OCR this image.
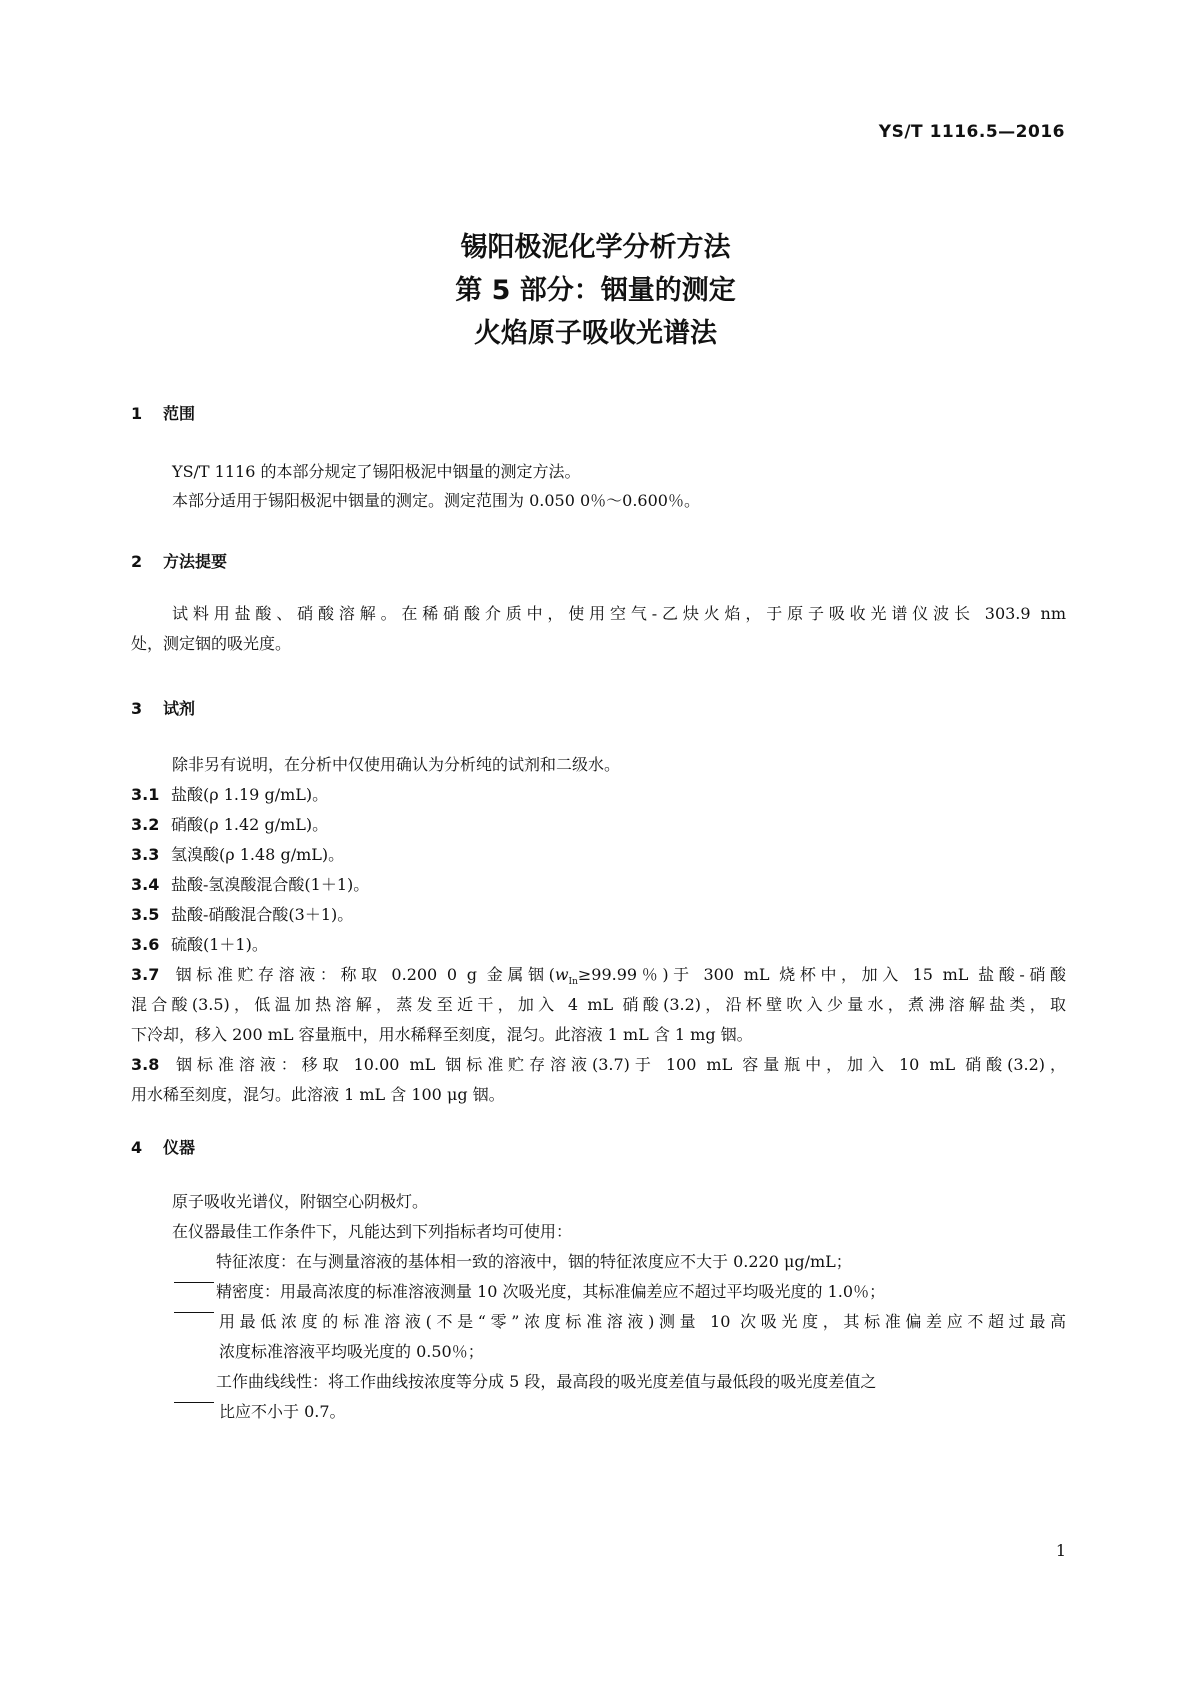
YS/T 1116.5—2016
锡阳极泥化学分析方法
第 5 部分：铟量的测定
火焰原子吸收光谱法
1 范围
YS/T 1116 的本部分规定了锡阳极泥中铟量的测定方法。
本部分适用于锡阳极泥中铟量的测定。测定范围为 0.050 0％～0.600％。
2 方法提要
试料用盐酸、硝酸溶解。在稀硝酸介质中，使用空气-乙炔火焰，于原子吸收光谱仪波长 303.9 nm
处，测定铟的吸光度。
3 试剂
除非另有说明，在分析中仅使用确认为分析纯的试剂和二级水。
3.1 盐酸(ρ 1.19 g/mL)。
3.2 硝酸(ρ 1.42 g/mL)。
3.3 氢溴酸(ρ 1.48 g/mL)。
3.4 盐酸-氢溴酸混合酸(1＋1)。
3.5 盐酸-硝酸混合酸(3＋1)。
3.6 硫酸(1＋1)。
3.7 铟标准贮存溶液：称取 0.200 0 g 金属铟($w_{In}\ge 99.99$％)于 300 mL 烧杯中，加入 15 mL 盐酸-硝酸
混合酸(3.5)，低温加热溶解，蒸发至近干，加入 4 mL 硝酸(3.2)，沿杯壁吹入少量水，煮沸溶解盐类，取
下冷却，移入 200 mL 容量瓶中，用水稀释至刻度，混匀。此溶液 1 mL 含 1 mg 铟。
3.8 铟标准溶液：移取 10.00 mL 铟标准贮存溶液(3.7)于 100 mL 容量瓶中，加入 10 mL 硝酸(3.2)，
用水稀至刻度，混匀。此溶液 1 mL 含 100 μg 铟。
4 仪器
原子吸收光谱仪，附铟空心阴极灯。
在仪器最佳工作条件下，凡能达到下列指标者均可使用：
特征浓度：在与测量溶液的基体相一致的溶液中，铟的特征浓度应不大于 0.220 μg/mL；
精密度：用最高浓度的标准溶液测量 10 次吸光度，其标准偏差应不超过平均吸光度的 1.0％；
用最低浓度的标准溶液(不是“零”浓度标准溶液)测量 10 次吸光度，其标准偏差应不超过最高
浓度标准溶液平均吸光度的 0.50％；
工作曲线线性：将工作曲线按浓度等分成 5 段，最高段的吸光度差值与最低段的吸光度差值之
比应不小于 0.7。
1
